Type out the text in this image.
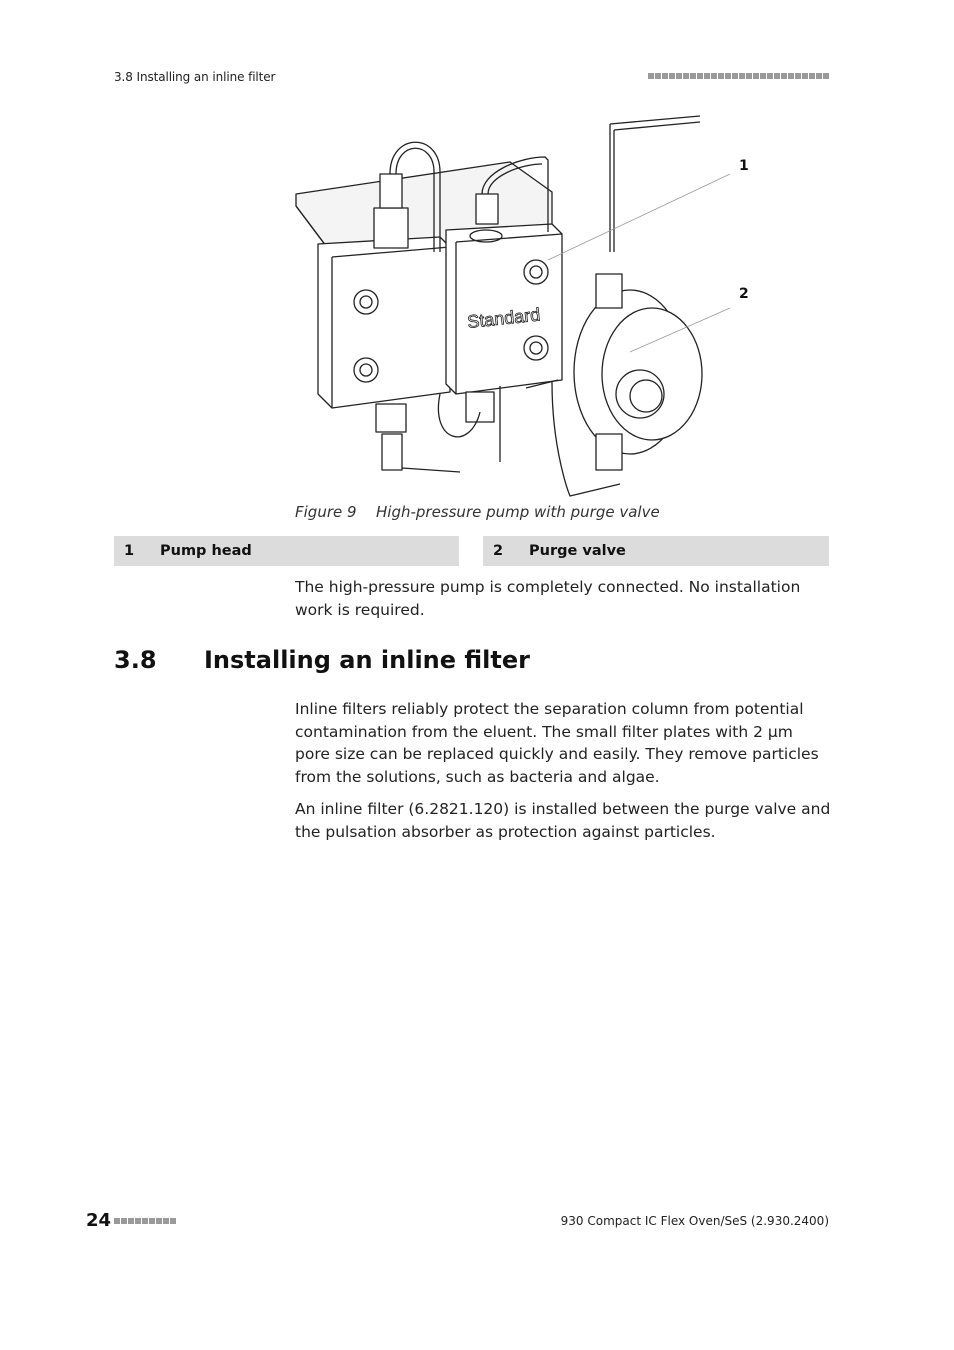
3.8 Installing an inline filter
Standard
1
2
Figure 9 High-pressure pump with purge valve
1	Pump head	2	Purge valve

The high-pressure pump is completely connected. No installation work is required.

3.8	Installing an inline filter

Inline filters reliably protect the separation column from potential contamination from the eluent. The small filter plates with 2 µm pore size can be replaced quickly and easily. They remove particles from the solutions, such as bacteria and algae.

An inline filter (6.2821.120) is installed between the purge valve and the pulsation absorber as protection against particles.

24	930 Compact IC Flex Oven/SeS (2.930.2400)
